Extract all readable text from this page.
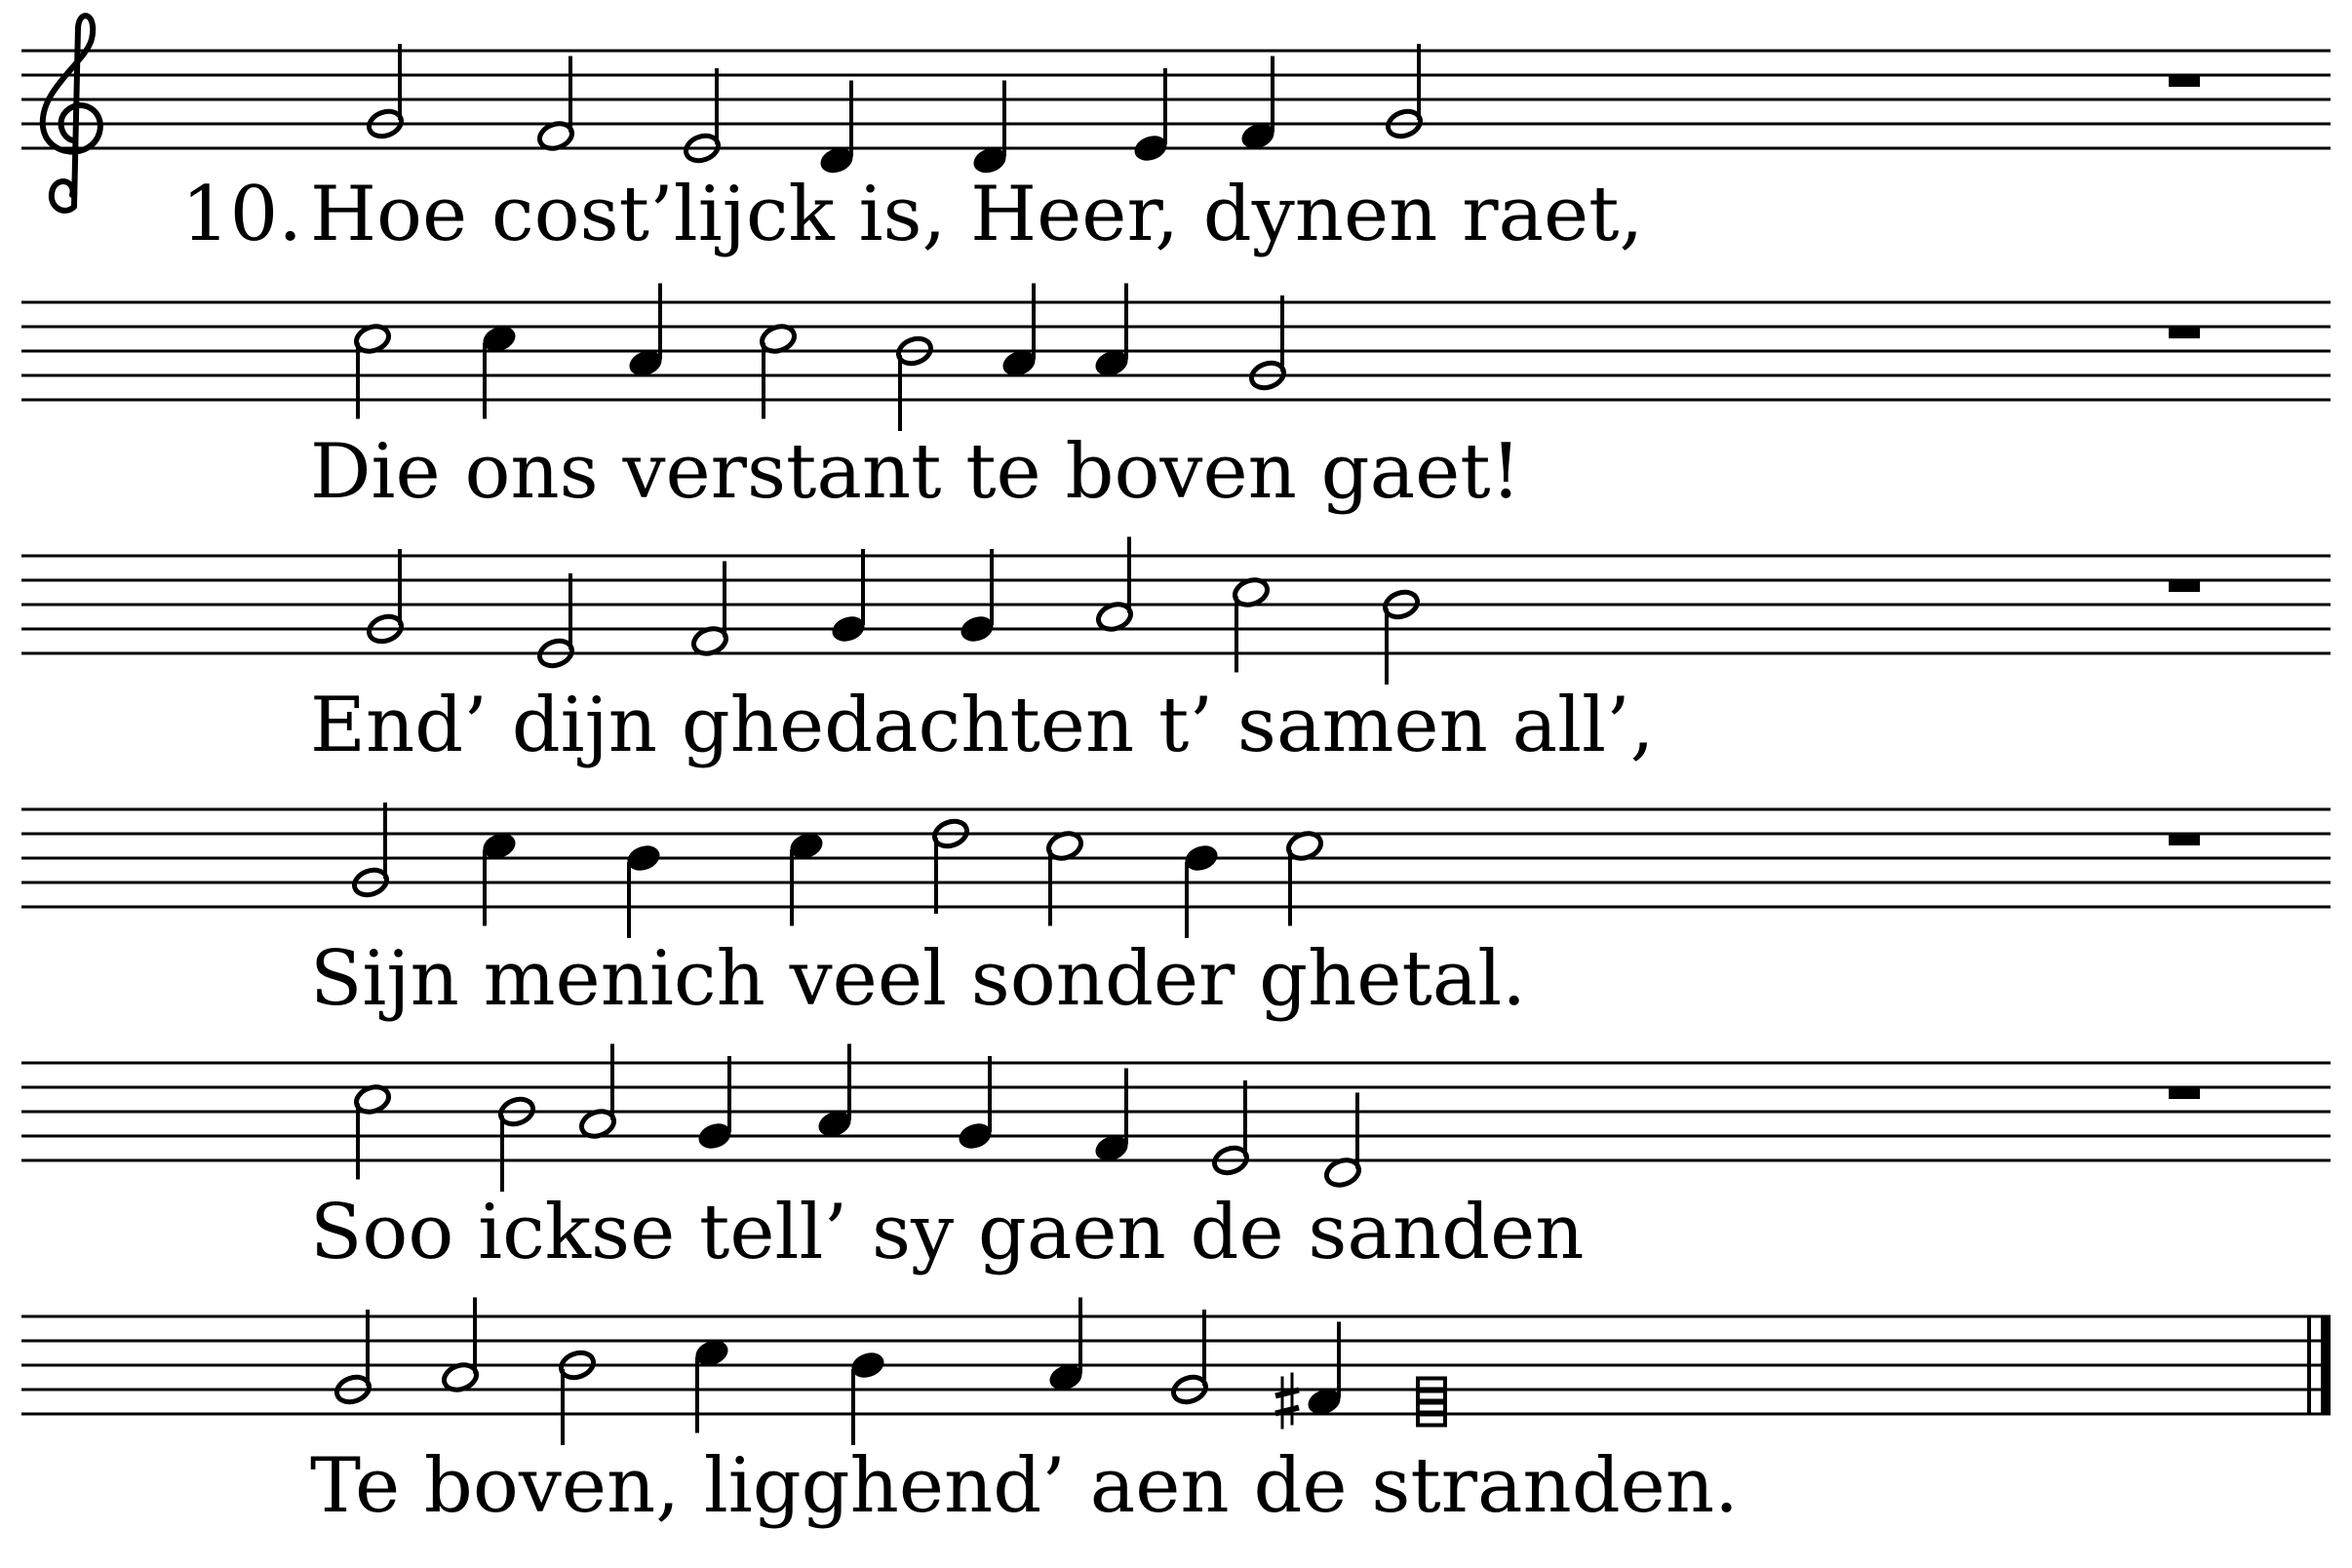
10. Hoe cost’lijck is, Heer, dynen raet,
Die ons verstant te boven gaet!
End’ dijn ghedachten t’ samen all’,
Sijn menich veel sonder ghetal.
Soo ickse tell’ sy gaen de sanden
Te boven, ligghend’ aen de stranden.
